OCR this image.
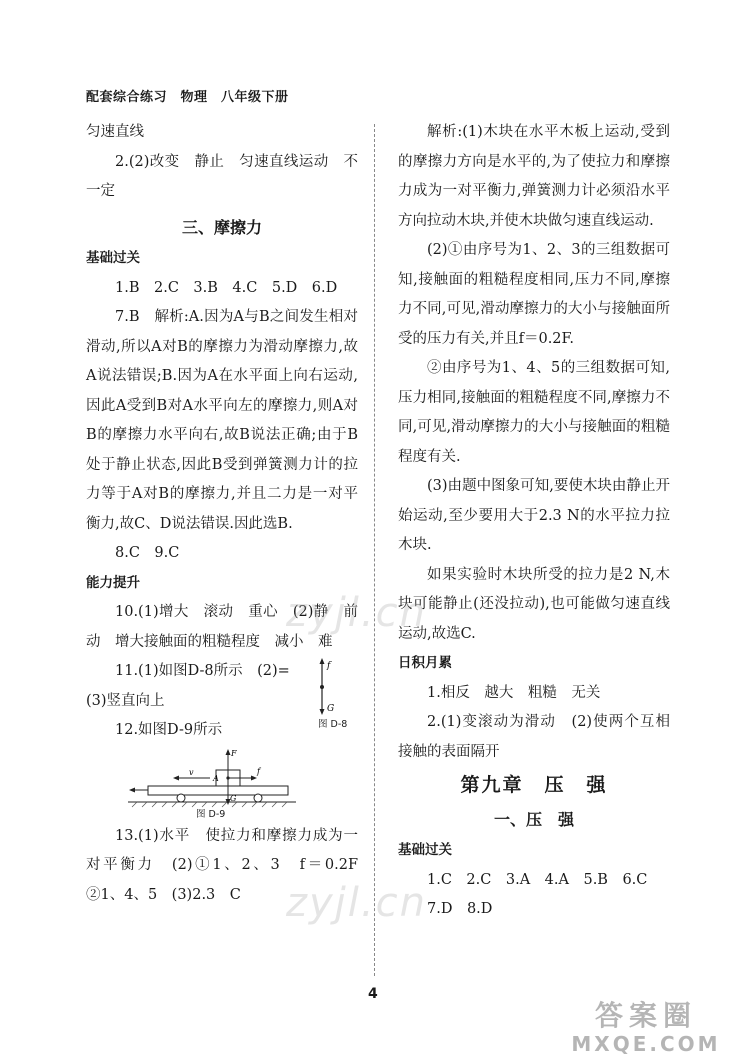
配套综合练习　物理　八年级下册

匀速直线

2.(2)改变　静止　匀速直线运动　不一定

三、摩擦力
基础过关

1.B　2.C　3.B　4.C　5.D　6.D

7.B　解析:A.因为A与B之间发生相对滑动,所以A对B的摩擦力为滑动摩擦力,故A说法错误;B.因为A在水平面上向右运动,因此A受到B对A水平向左的摩擦力,则A对B的摩擦力水平向右,故B说法正确;由于B处于静止状态,因此B受到弹簧测力计的拉力等于A对B的摩擦力,并且二力是一对平衡力,故C、D说法错误.因此选B.

8.C　9.C

能力提升

10.(1)增大　滚动　重心　(2)静　前动　增大接触面的粗糙程度　减小　难

11.(1)如图D-8所示　(2)=

(3)竖直向上

f
G
图 D-8

12.如图D-9所示

A
F
G
f
v
图 D-9

13.(1)水平　使拉力和摩擦力成为一对平衡力　(2)①1、2、3　f＝0.2F　②1、4、5　(3)2.3　C

解析:(1)木块在水平木板上运动,受到的摩擦力方向是水平的,为了使拉力和摩擦力成为一对平衡力,弹簧测力计必须沿水平方向拉动木块,并使木块做匀速直线运动.

(2)①由序号为1、2、3的三组数据可知,接触面的粗糙程度相同,压力不同,摩擦力不同,可见,滑动摩擦力的大小与接触面所受的压力有关,并且f＝0.2F.

②由序号为1、4、5的三组数据可知,压力相同,接触面的粗糙程度不同,摩擦力不同,可见,滑动摩擦力的大小与接触面的粗糙程度有关.

(3)由题中图象可知,要使木块由静止开始运动,至少要用大于2.3 N的水平拉力拉木块.

如果实验时木块所受的拉力是2 N,木块可能静止(还没拉动),也可能做匀速直线运动,故选C.

日积月累

1.相反　越大　粗糙　无关

2.(1)变滚动为滑动　(2)使两个互相接触的表面隔开

第九章　压　强
一、压　强
基础过关

1.C　2.C　3.A　4.A　5.B　6.C

7.D　8.D

zyjl.cn
zyjl.cn
4
答案圈
MXQE.COM
